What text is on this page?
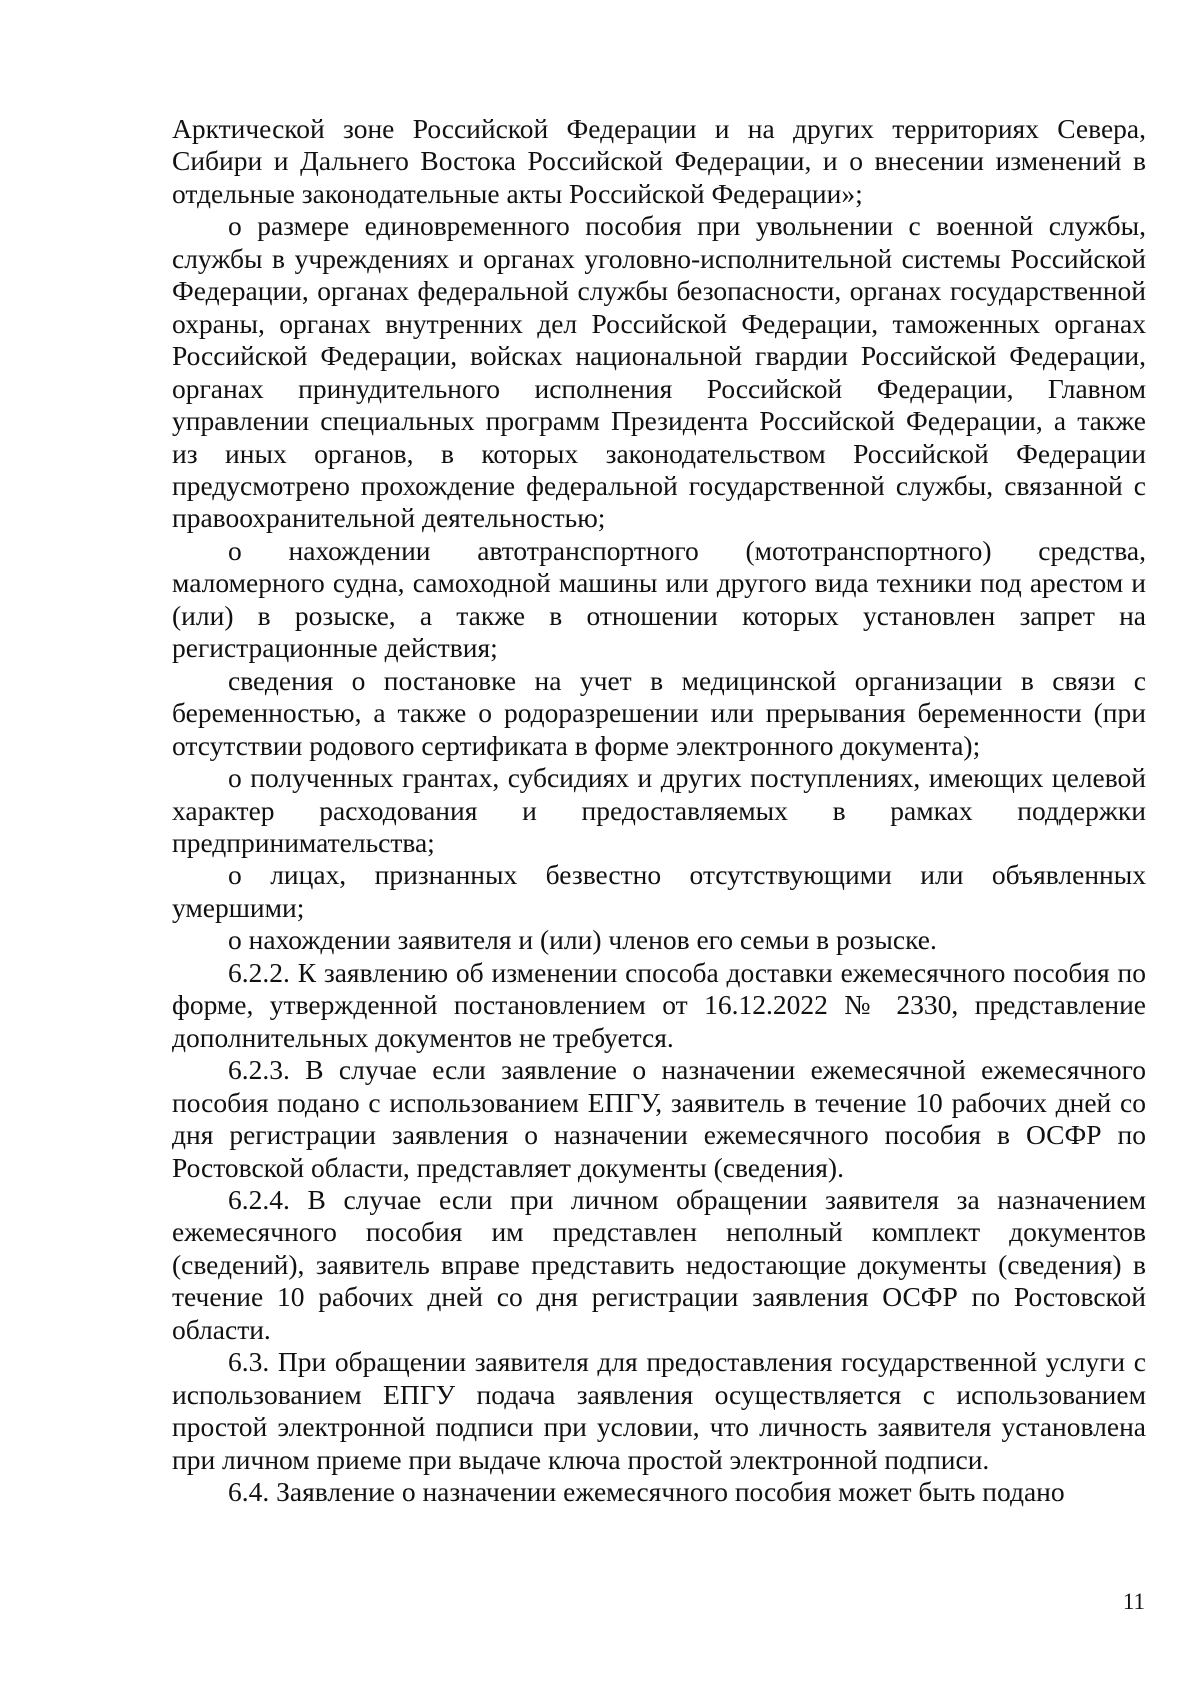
Арктической зоне Российской Федерации и на других территориях Севера, Сибири и Дальнего Востока Российской Федерации, и о внесении изменений в отдельные законодательные акты Российской Федерации»;

о размере единовременного пособия при увольнении с военной службы, службы в учреждениях и органах уголовно-исполнительной системы Российской Федерации, органах федеральной службы безопасности, органах государственной охраны, органах внутренних дел Российской Федерации, таможенных органах Российской Федерации, войсках национальной гвардии Российской Федерации, органах принудительного исполнения Российской Федерации, Главном управлении специальных программ Президента Российской Федерации, а также из иных органов, в которых законодательством Российской Федерации предусмотрено прохождение федеральной государственной службы, связанной с правоохранительной деятельностью;

о нахождении автотранспортного (мототранспортного) средства, маломерного судна, самоходной машины или другого вида техники под арестом и (или) в розыске, а также в отношении которых установлен запрет на регистрационные действия;

сведения о постановке на учет в медицинской организации в связи с беременностью, а также о родоразрешении или прерывания беременности (при отсутствии родового сертификата в форме электронного документа);

о полученных грантах, субсидиях и других поступлениях, имеющих целевой характер расходования и предоставляемых в рамках поддержки предпринимательства;

о лицах, признанных безвестно отсутствующими или объявленных умершими;

о нахождении заявителя и (или) членов его семьи в розыске.

6.2.2. К заявлению об изменении способа доставки ежемесячного пособия по форме, утвержденной постановлением от 16.12.2022 № 2330, представление дополнительных документов не требуется.

6.2.3. В случае если заявление о назначении ежемесячной ежемесячного пособия подано с использованием ЕПГУ, заявитель в течение 10 рабочих дней со дня регистрации заявления о назначении ежемесячного пособия в ОСФР по Ростовской области, представляет документы (сведения).

6.2.4. В случае если при личном обращении заявителя за назначением ежемесячного пособия им представлен неполный комплект документов (сведений), заявитель вправе представить недостающие документы (сведения) в течение 10 рабочих дней со дня регистрации заявления ОСФР по Ростовской области.

6.3. При обращении заявителя для предоставления государственной услуги с использованием ЕПГУ подача заявления осуществляется с использованием простой электронной подписи при условии, что личность заявителя установлена при личном приеме при выдаче ключа простой электронной подписи.

6.4. Заявление о назначении ежемесячного пособия может быть подано

11
